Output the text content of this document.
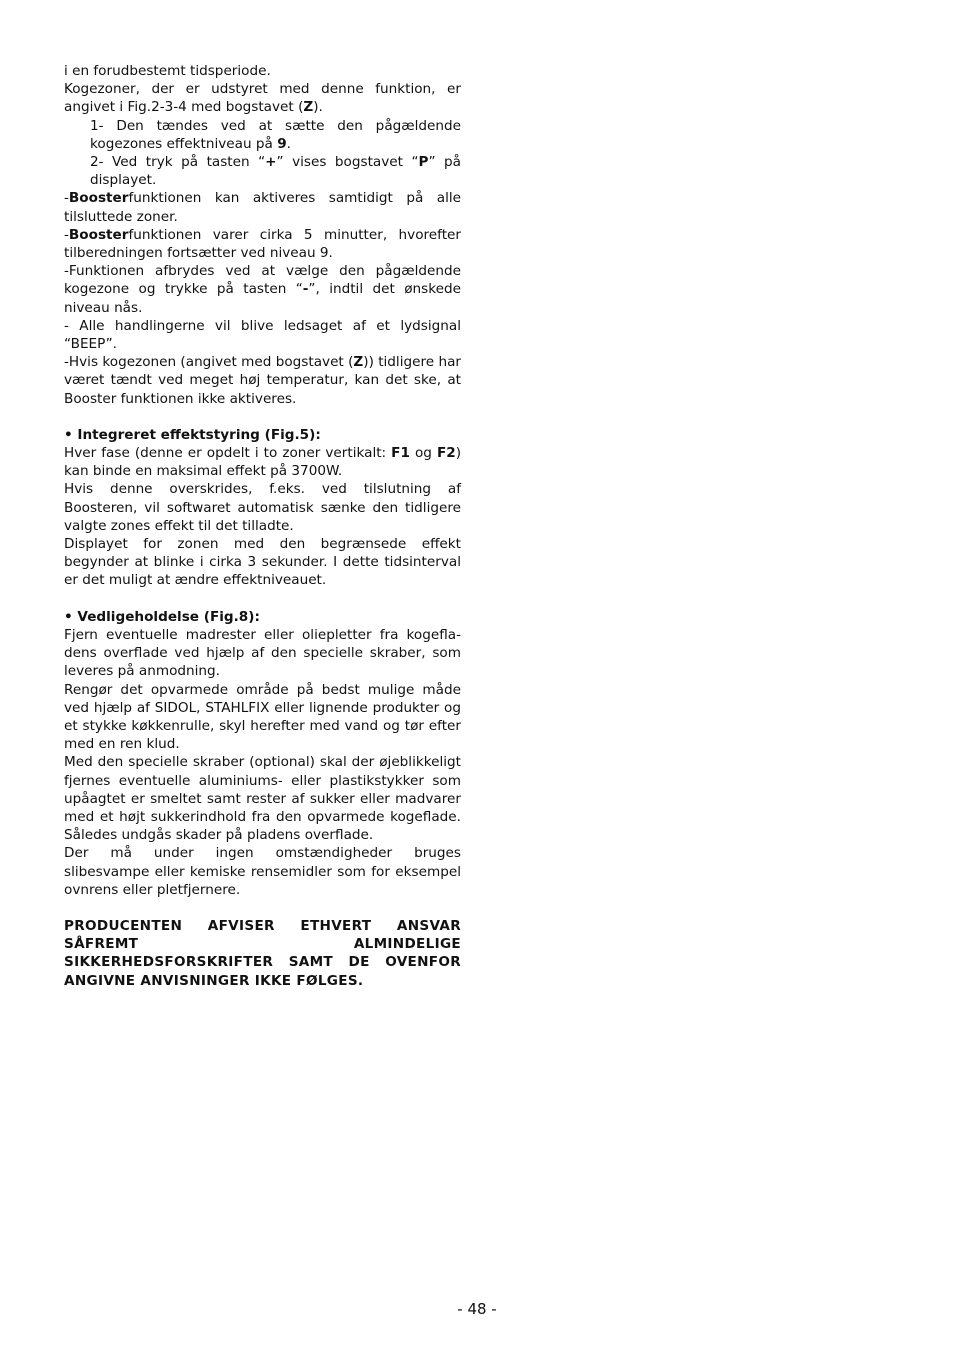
i en forudbestemt tidsperiode.

Kogezoner, der er udstyret med denne funktion, er angivet i Fig.2-3-4 med bogstavet (Z).

1- Den tændes ved at sætte den pågældende kogezones effektniveau på 9.

2- Ved tryk på tasten “+” vises bogstavet “P” på displayet.

-Boosterfunktionen kan aktiveres samtidigt på alle tilsluttede zoner.

-Boosterfunktionen varer cirka 5 minutter, hvorefter tilberedningen fortsætter ved niveau 9.

-Funktionen afbrydes ved at vælge den pågældende kogezone og trykke på tasten “-”, indtil det ønskede niveau nås.

- Alle handlingerne vil blive ledsaget af et lydsignal “BEEP”.

-Hvis kogezonen (angivet med bogstavet (Z)) tidligere har været tændt ved meget høj temperatur, kan det ske, at Booster funktionen ikke aktiveres.

• Integreret effektstyring (Fig.5):

Hver fase (denne er opdelt i to zoner vertikalt: F1 og F2) kan binde en maksimal effekt på 3700W.

Hvis denne overskrides, f.eks. ved tilslutning af Boosteren, vil softwaret automatisk sænke den tidligere valgte zones effekt til det tilladte.

Displayet for zonen med den begrænsede effekt begynder at blinke i cirka 3 sekunder. I dette tidsinterval er det muligt at ændre effektniveauet.

• Vedligeholdelse (Fig.8):

Fjern eventuelle madrester eller oliepletter fra kogefla-dens overflade ved hjælp af den specielle skraber, som leveres på anmodning.

Rengør det opvarmede område på bedst mulige måde ved hjælp af SIDOL, STAHLFIX eller lignende produkter og et stykke køkkenrulle, skyl herefter med vand og tør efter med en ren klud.

Med den specielle skraber (optional) skal der øjeblikkeligt fjernes eventuelle aluminiums- eller plastikstykker som upåagtet er smeltet samt rester af sukker eller madvarer med et højt sukkerindhold fra den opvarmede kogeflade. Således undgås skader på pladens overflade.

Der må under ingen omstændigheder bruges slibesvampe eller kemiske rensemidler som for eksempel ovnrens eller pletfjernere.

PRODUCENTEN AFVISER ETHVERT ANSVAR SÅFREMT ALMINDELIGE SIKKERHEDSFORSKRIFTER SAMT DE OVENFOR ANGIVNE ANVISNINGER IKKE FØLGES.

- 48 -
